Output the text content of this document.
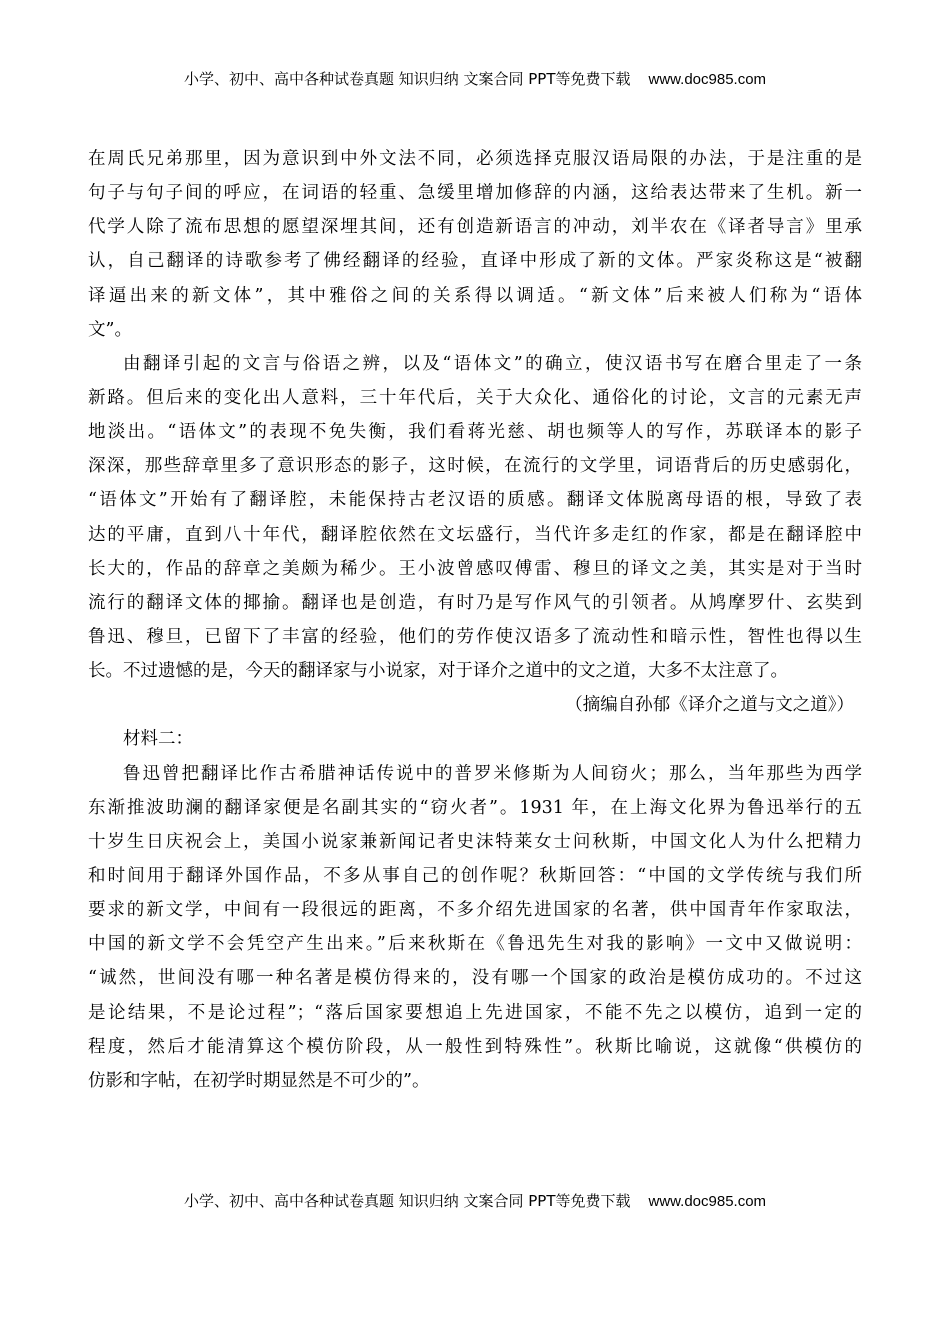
小学、初中、高中各种试卷真题 知识归纳 文案合同 PPT等免费下载 www.doc985.com
在周氏兄弟那里，因为意识到中外文法不同，必须选择克服汉语局限的办法，于是注重的是
句子与句子间的呼应，在词语的轻重、急缓里增加修辞的内涵，这给表达带来了生机。新一
代学人除了流布思想的愿望深埋其间，还有创造新语言的冲动，刘半农在《译者导言》里承
认，自己翻译的诗歌参考了佛经翻译的经验，直译中形成了新的文体。严家炎称这是“被翻
译逼出来的新文体”，其中雅俗之间的关系得以调适。“新文体”后来被人们称为“语体
文”。
由翻译引起的文言与俗语之辨，以及“语体文”的确立，使汉语书写在磨合里走了一条
新路。但后来的变化出人意料，三十年代后，关于大众化、通俗化的讨论，文言的元素无声
地淡出。“语体文”的表现不免失衡，我们看蒋光慈、胡也频等人的写作，苏联译本的影子
深深，那些辞章里多了意识形态的影子，这时候，在流行的文学里，词语背后的历史感弱化，
“语体文”开始有了翻译腔，未能保持古老汉语的质感。翻译文体脱离母语的根，导致了表
达的平庸，直到八十年代，翻译腔依然在文坛盛行，当代许多走红的作家，都是在翻译腔中
长大的，作品的辞章之美颇为稀少。王小波曾感叹傅雷、穆旦的译文之美，其实是对于当时
流行的翻译文体的揶揄。翻译也是创造，有时乃是写作风气的引领者。从鸠摩罗什、玄奘到
鲁迅、穆旦，已留下了丰富的经验，他们的劳作使汉语多了流动性和暗示性，智性也得以生
长。不过遗憾的是，今天的翻译家与小说家，对于译介之道中的文之道，大多不太注意了。
（摘编自孙郁《译介之道与文之道》）
材料二：
鲁迅曾把翻译比作古希腊神话传说中的普罗米修斯为人间窃火；那么，当年那些为西学
东渐推波助澜的翻译家便是名副其实的“窃火者”。1931 年，在上海文化界为鲁迅举行的五
十岁生日庆祝会上，美国小说家兼新闻记者史沫特莱女士问秋斯，中国文化人为什么把精力
和时间用于翻译外国作品，不多从事自己的创作呢？秋斯回答：“中国的文学传统与我们所
要求的新文学，中间有一段很远的距离，不多介绍先进国家的名著，供中国青年作家取法，
中国的新文学不会凭空产生出来。”后来秋斯在《鲁迅先生对我的影响》一文中又做说明：
“诚然，世间没有哪一种名著是模仿得来的，没有哪一个国家的政治是模仿成功的。不过这
是论结果，不是论过程”；“落后国家要想追上先进国家，不能不先之以模仿，追到一定的
程度，然后才能清算这个模仿阶段，从一般性到特殊性”。秋斯比喻说，这就像“供模仿的
仿影和字帖，在初学时期显然是不可少的”。
小学、初中、高中各种试卷真题 知识归纳 文案合同 PPT等免费下载 www.doc985.com
